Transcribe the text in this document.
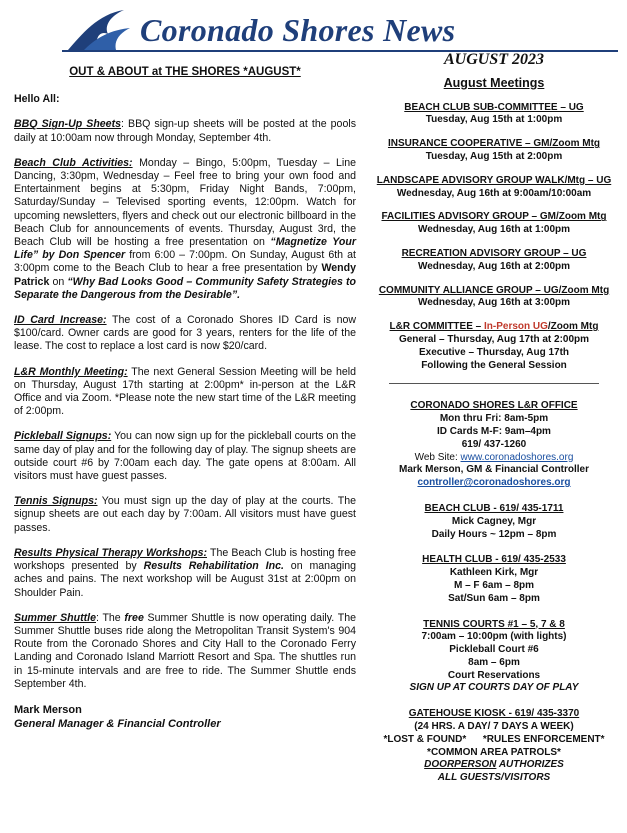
Coronado Shores News
OUT & ABOUT at THE SHORES *AUGUST*
Hello All:

BBQ Sign-Up Sheets: BBQ sign-up sheets will be posted at the pools daily at 10:00am now through Monday, September 4th.

Beach Club Activities: Monday – Bingo, 5:00pm, Tuesday – Line Dancing, 3:30pm, Wednesday – Feel free to bring your own food and Entertainment begins at 5:30pm, Friday Night Bands, 7:00pm, Saturday/Sunday – Televised sporting events, 12:00pm. Watch for upcoming newsletters, flyers and check out our electronic billboard in the Beach Club for announcements of events. Thursday, August 3rd, the Beach Club will be hosting a free presentation on “Magnetize Your Life” by Don Spencer from 6:00 – 7:00pm. On Sunday, August 6th at 3:00pm come to the Beach Club to hear a free presentation by Wendy Patrick on “Why Bad Looks Good – Community Safety Strategies to Separate the Dangerous from the Desirable”.

ID Card Increase: The cost of a Coronado Shores ID Card is now $100/card. Owner cards are good for 3 years, renters for the life of the lease. The cost to replace a lost card is now $20/card.

L&R Monthly Meeting: The next General Session Meeting will be held on Thursday, August 17th starting at 2:00pm* in-person at the L&R Office and via Zoom. *Please note the new start time of the L&R meeting of 2:00pm.

Pickleball Signups: You can now sign up for the pickleball courts on the same day of play and for the following day of play. The signup sheets are outside court #6 by 7:00am each day. The gate opens at 8:00am. All visitors must have guest passes.

Tennis Signups: You must sign up the day of play at the courts. The signup sheets are out each day by 7:00am. All visitors must have guest passes.

Results Physical Therapy Workshops: The Beach Club is hosting free workshops presented by Results Rehabilitation Inc. on managing aches and pains. The next workshop will be August 31st at 2:00pm on Shoulder Pain.

Summer Shuttle: The free Summer Shuttle is now operating daily. The Summer Shuttle buses ride along the Metropolitan Transit System's 904 Route from the Coronado Shores and City Hall to the Coronado Ferry Landing and Coronado Island Marriott Resort and Spa. The shuttles run in 15-minute intervals and are free to ride. The Summer Shuttle ends September 4th.

Mark Merson
General Manager & Financial Controller
AUGUST 2023
August Meetings
BEACH CLUB SUB-COMMITTEE – UG
Tuesday, Aug 15th at 1:00pm
INSURANCE COOPERATIVE – GM/Zoom Mtg
Tuesday, Aug 15th at 2:00pm
LANDSCAPE ADVISORY GROUP WALK/Mtg – UG
Wednesday, Aug 16th at 9:00am/10:00am
FACILITIES ADVISORY GROUP – GM/Zoom Mtg
Wednesday, Aug 16th at 1:00pm
RECREATION ADVISORY GROUP – UG
Wednesday, Aug 16th at 2:00pm
COMMUNITY ALLIANCE GROUP – UG/Zoom Mtg
Wednesday, Aug 16th at 3:00pm
L&R COMMITTEE – In-Person UG/Zoom Mtg
General – Thursday, Aug 17th at 2:00pm
Executive – Thursday, Aug 17th
Following the General Session
CORONADO SHORES L&R OFFICE
Mon thru Fri: 8am-5pm
ID Cards M-F: 9am–4pm
619/ 437-1260
Web Site: www.coronadoshores.org
Mark Merson, GM & Financial Controller
controller@coronadoshores.org
BEACH CLUB - 619/ 435-1711
Mick Cagney, Mgr
Daily Hours ~ 12pm – 8pm
HEALTH CLUB - 619/ 435-2533
Kathleen Kirk, Mgr
M – F 6am – 8pm
Sat/Sun 6am – 8pm
TENNIS COURTS #1 – 5, 7 & 8
7:00am – 10:00pm (with lights)
Pickleball Court #6
8am – 6pm
Court Reservations
SIGN UP AT COURTS DAY OF PLAY
GATEHOUSE KIOSK - 619/ 435-3370
(24 HRS. A DAY/ 7 DAYS A WEEK)
*LOST & FOUND*      *RULES ENFORCEMENT*
*COMMON AREA PATROLS*
DOORPERSON AUTHORIZES
ALL GUESTS/VISITORS
